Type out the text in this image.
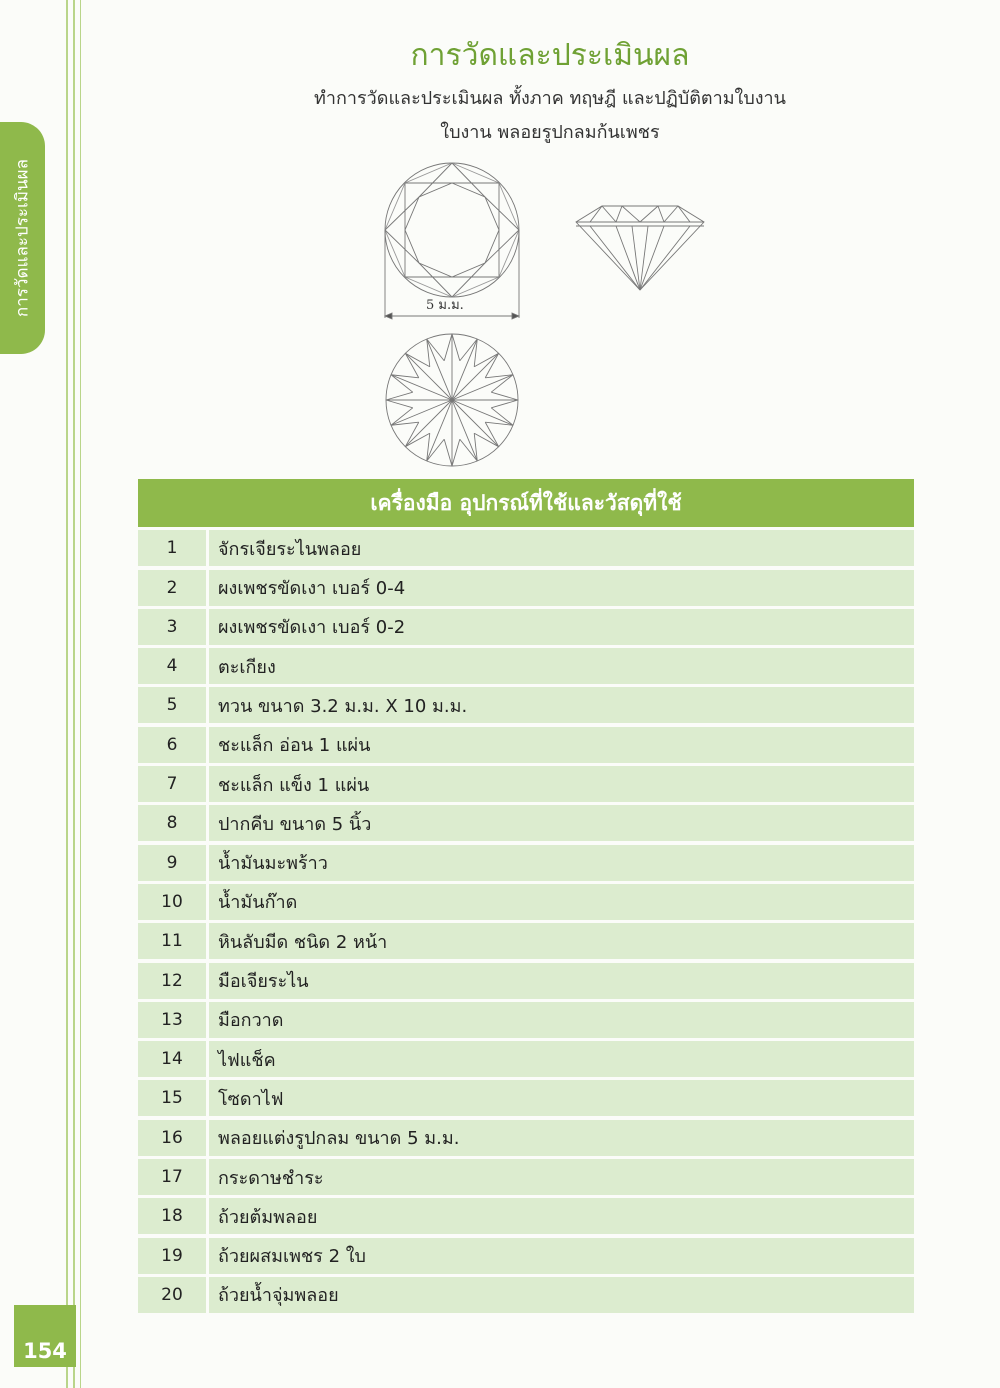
การวัดและประเมินผล
154
การวัดและประเมินผล
ทำการวัดและประเมินผล ทั้งภาค ทฤษฎี และปฏิบัติตามใบงาน
ใบงาน พลอยรูปกลมก้นเพชร
5 ม.ม.
เครื่องมือ อุปกรณ์ที่ใช้และวัสดุที่ใช้
1	จักรเจียระไนพลอย
2	ผงเพชรขัดเงา เบอร์ 0-4
3	ผงเพชรขัดเงา เบอร์ 0-2
4	ตะเกียง
5	ทวน ขนาด 3.2 ม.ม. X 10 ม.ม.
6	ชะแล็ก อ่อน 1 แผ่น
7	ชะแล็ก แข็ง 1 แผ่น
8	ปากคีบ ขนาด 5 นิ้ว
9	น้ำมันมะพร้าว
10	น้ำมันก๊าด
11	หินลับมีด ชนิด 2 หน้า
12	มือเจียระไน
13	มือกวาด
14	ไฟแช็ค
15	โซดาไฟ
16	พลอยแต่งรูปกลม ขนาด 5 ม.ม.
17	กระดาษชำระ
18	ถ้วยต้มพลอย
19	ถ้วยผสมเพชร 2 ใบ
20	ถ้วยน้ำจุ่มพลอย
